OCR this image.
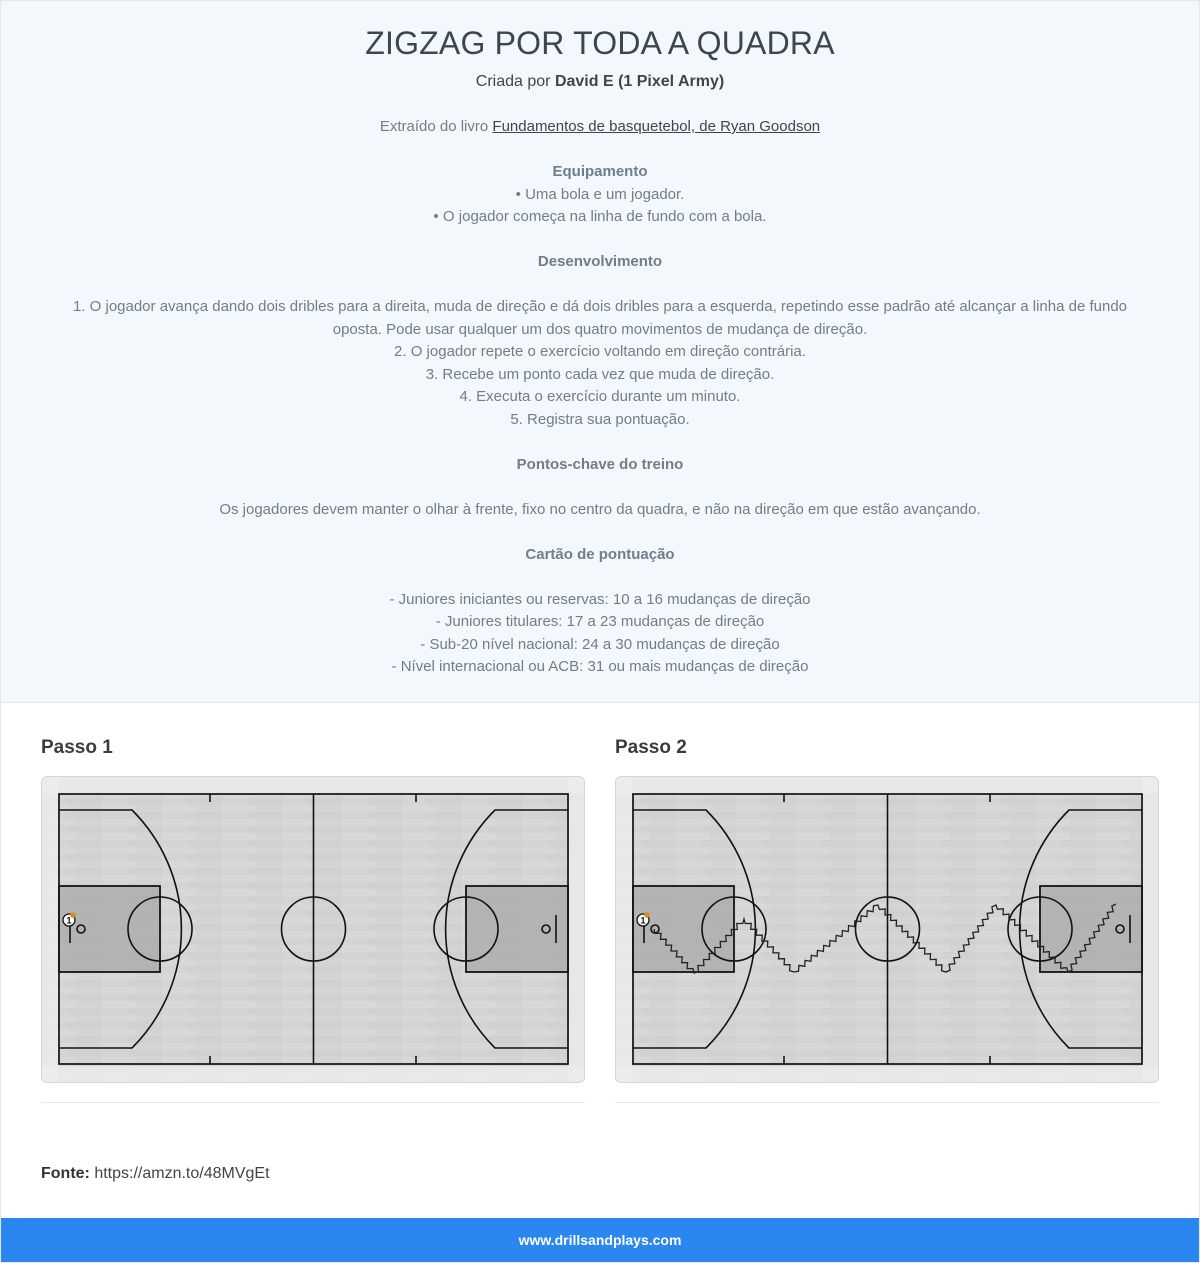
ZIGZAG POR TODA A QUADRA
Criada por David E (1 Pixel Army)

Extraído do livro Fundamentos de basquetebol, de Ryan Goodson

Equipamento

• Uma bola e um jogador.

• O jogador começa na linha de fundo com a bola.

Desenvolvimento

1. O jogador avança dando dois dribles para a direita, muda de direção e dá dois dribles para a esquerda, repetindo esse padrão até alcançar a linha de fundo oposta. Pode usar qualquer um dos quatro movimentos de mudança de direção.

2. O jogador repete o exercício voltando em direção contrária.

3. Recebe um ponto cada vez que muda de direção.

4. Executa o exercício durante um minuto.

5. Registra sua pontuação.

Pontos-chave do treino

Os jogadores devem manter o olhar à frente, fixo no centro da quadra, e não na direção em que estão avançando.

Cartão de pontuação

- Juniores iniciantes ou reservas: 10 a 16 mudanças de direção

- Juniores titulares: 17 a 23 mudanças de direção

- Sub-20 nível nacional: 24 a 30 mudanças de direção

- Nível internacional ou ACB: 31 ou mais mudanças de direção

Passo 1
1
Passo 2
1
Fonte: https://amzn.to/48MVgEt
www.drillsandplays.com
